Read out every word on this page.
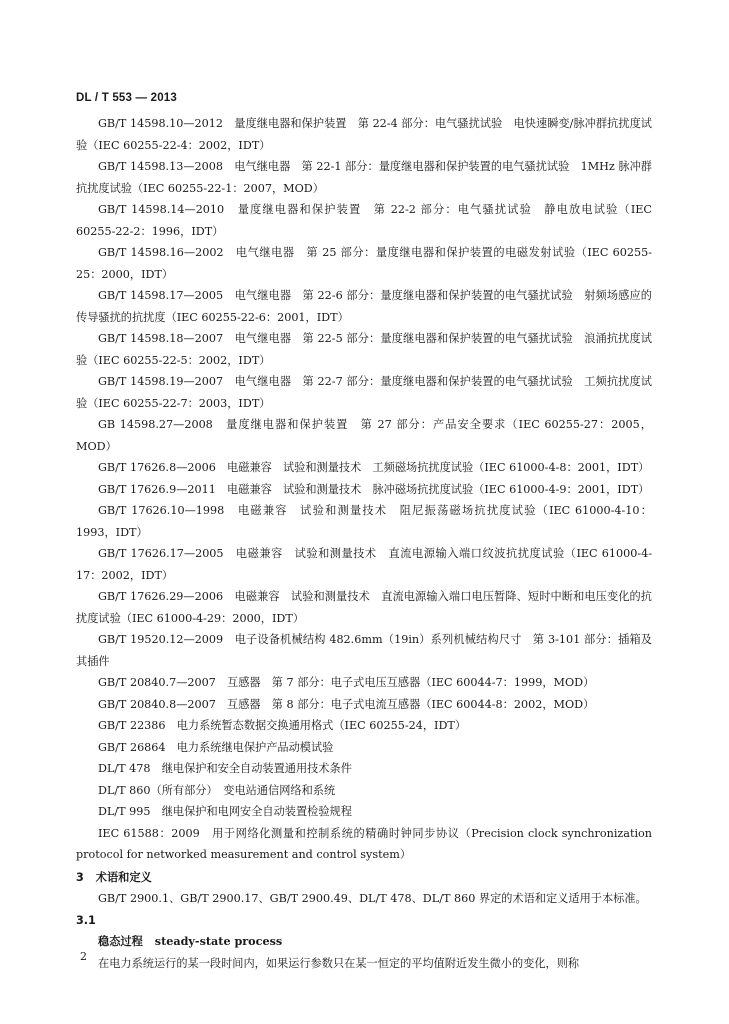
DL / T 553 — 2013

GB/T 14598.10—2012　量度继电器和保护装置　第 22-4 部分：电气骚扰试验　电快速瞬变/脉冲群抗扰度试验（IEC 60255-22-4：2002，IDT）

GB/T 14598.13—2008　电气继电器　第 22-1 部分：量度继电器和保护装置的电气骚扰试验　1MHz 脉冲群抗扰度试验（IEC 60255-22-1：2007，MOD）

GB/T 14598.14—2010　量度继电器和保护装置　第 22-2 部分：电气骚扰试验　静电放电试验（IEC 60255-22-2：1996，IDT）

GB/T 14598.16—2002　电气继电器　第 25 部分：量度继电器和保护装置的电磁发射试验（IEC 60255-25：2000，IDT）

GB/T 14598.17—2005　电气继电器　第 22-6 部分：量度继电器和保护装置的电气骚扰试验　射频场感应的传导骚扰的抗扰度（IEC 60255-22-6：2001，IDT）

GB/T 14598.18—2007　电气继电器　第 22-5 部分：量度继电器和保护装置的电气骚扰试验　浪涌抗扰度试验（IEC 60255-22-5：2002，IDT）

GB/T 14598.19—2007　电气继电器　第 22-7 部分：量度继电器和保护装置的电气骚扰试验　工频抗扰度试验（IEC 60255-22-7：2003，IDT）

GB 14598.27—2008　量度继电器和保护装置　第 27 部分：产品安全要求（IEC 60255-27：2005，MOD）

GB/T 17626.8—2006　电磁兼容　试验和测量技术　工频磁场抗扰度试验（IEC 61000-4-8：2001，IDT）

GB/T 17626.9—2011　电磁兼容　试验和测量技术　脉冲磁场抗扰度试验（IEC 61000-4-9：2001，IDT）

GB/T 17626.10—1998　电磁兼容　试验和测量技术　阻尼振荡磁场抗扰度试验（IEC 61000-4-10：1993，IDT）

GB/T 17626.17—2005　电磁兼容　试验和测量技术　直流电源输入端口纹波抗扰度试验（IEC 61000-4-17：2002，IDT）

GB/T 17626.29—2006　电磁兼容　试验和测量技术　直流电源输入端口电压暂降、短时中断和电压变化的抗扰度试验（IEC 61000-4-29：2000，IDT）

GB/T 19520.12—2009　电子设备机械结构 482.6mm（19in）系列机械结构尺寸　第 3-101 部分：插箱及其插件

GB/T 20840.7—2007　互感器　第 7 部分：电子式电压互感器（IEC 60044-7：1999，MOD）

GB/T 20840.8—2007　互感器　第 8 部分：电子式电流互感器（IEC 60044-8：2002，MOD）

GB/T 22386　电力系统暂态数据交换通用格式（IEC 60255-24，IDT）

GB/T 26864　电力系统继电保护产品动模试验

DL/T 478　继电保护和安全自动装置通用技术条件

DL/T 860（所有部分）　变电站通信网络和系统

DL/T 995　继电保护和电网安全自动装置检验规程

IEC 61588：2009　用于网络化测量和控制系统的精确时钟同步协议（Precision clock synchronization protocol for networked measurement and control system）

3 术语和定义

GB/T 2900.1、GB/T 2900.17、GB/T 2900.49、DL/T 478、DL/T 860 界定的术语和定义适用于本标准。

3.1

稳态过程 steady-state process

在电力系统运行的某一段时间内，如果运行参数只在某一恒定的平均值附近发生微小的变化，则称

2
